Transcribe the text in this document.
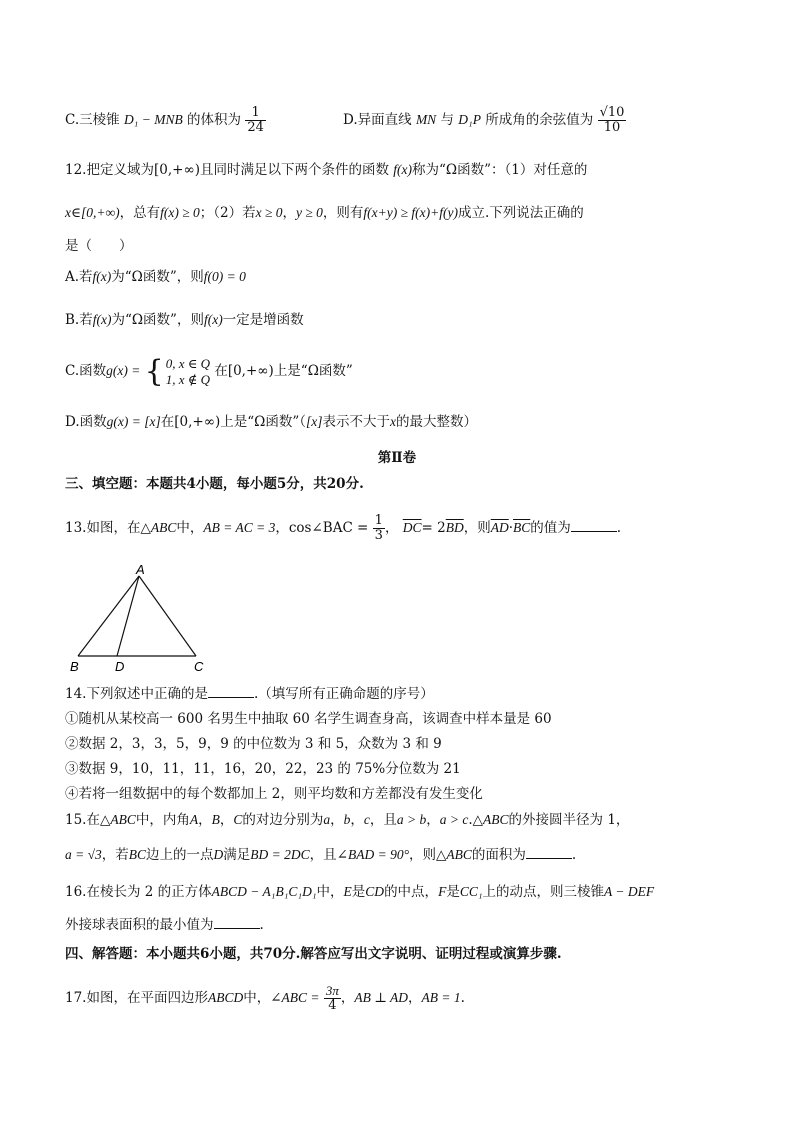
C.三棱锥 D₁ − MNB 的体积为 $\frac{1}{24}$	D.异面直线 MN 与 D₁P 所成角的余弦值为 $\frac{√10}{10}$
12.把定义域为[0,+∞)且同时满足以下两个条件的函数 f(x)称为“Ω函数”：（1）对任意的
x∈[0,+∞)，总有f(x) ≥ 0；（2）若x ≥ 0，y ≥ 0，则有f(x+y) ≥ f(x)+f(y)成立.下列说法正确的
是（　　）
A.若f(x)为“Ω函数”，则f(0) = 0
B.若f(x)为“Ω函数”，则f(x)一定是增函数
C.函数g(x) = { 0, x ∈ Q
1, x ∉ Q 在[0,+∞)上是“Ω函数”
D.函数g(x) = [x]在[0,+∞)上是“Ω函数”（[x]表示不大于x的最大整数）
第Ⅱ卷
三、填空题：本题共4小题，每小题5分，共20分.
13.如图，在△ABC中，AB = AC = 3，cos∠BAC = $\frac{1}{3}$ ， $\overline{DC}= 2\overline{BD}$，则$\overline{AD}\cdot\overline{BC}$的值为	.
A
B	D	C
14.下列叙述中正确的是	.（填写所有正确命题的序号）
①随机从某校高一 600 名男生中抽取 60 名学生调查身高，该调查中样本量是 60
②数据 2，3，3，5，9，9 的中位数为 3 和 5，众数为 3 和 9
③数据 9，10，11，11，16，20，22，23 的 75%分位数为 21
④若将一组数据中的每个数都加上 2，则平均数和方差都没有发生变化
15.在△ABC中，内角A，B，C的对边分别为a，b，c，且a > b，a > c.△ABC的外接圆半径为 1，
a = √3，若BC边上的一点D满足BD = 2DC，且∠BAD = 90°，则△ABC的面积为	.
16.在棱长为 2 的正方体ABCD − A₁B₁C₁D₁中，E是CD的中点，F是CC₁上的动点，则三棱锥A − DEF
外接球表面积的最小值为	.
四、解答题：本小题共6小题，共70分.解答应写出文字说明、证明过程或演算步骤.
17.如图，在平面四边形ABCD中，∠ABC = $\frac{3\pi}{4}$ ，AB ⊥ AD，AB = 1.
